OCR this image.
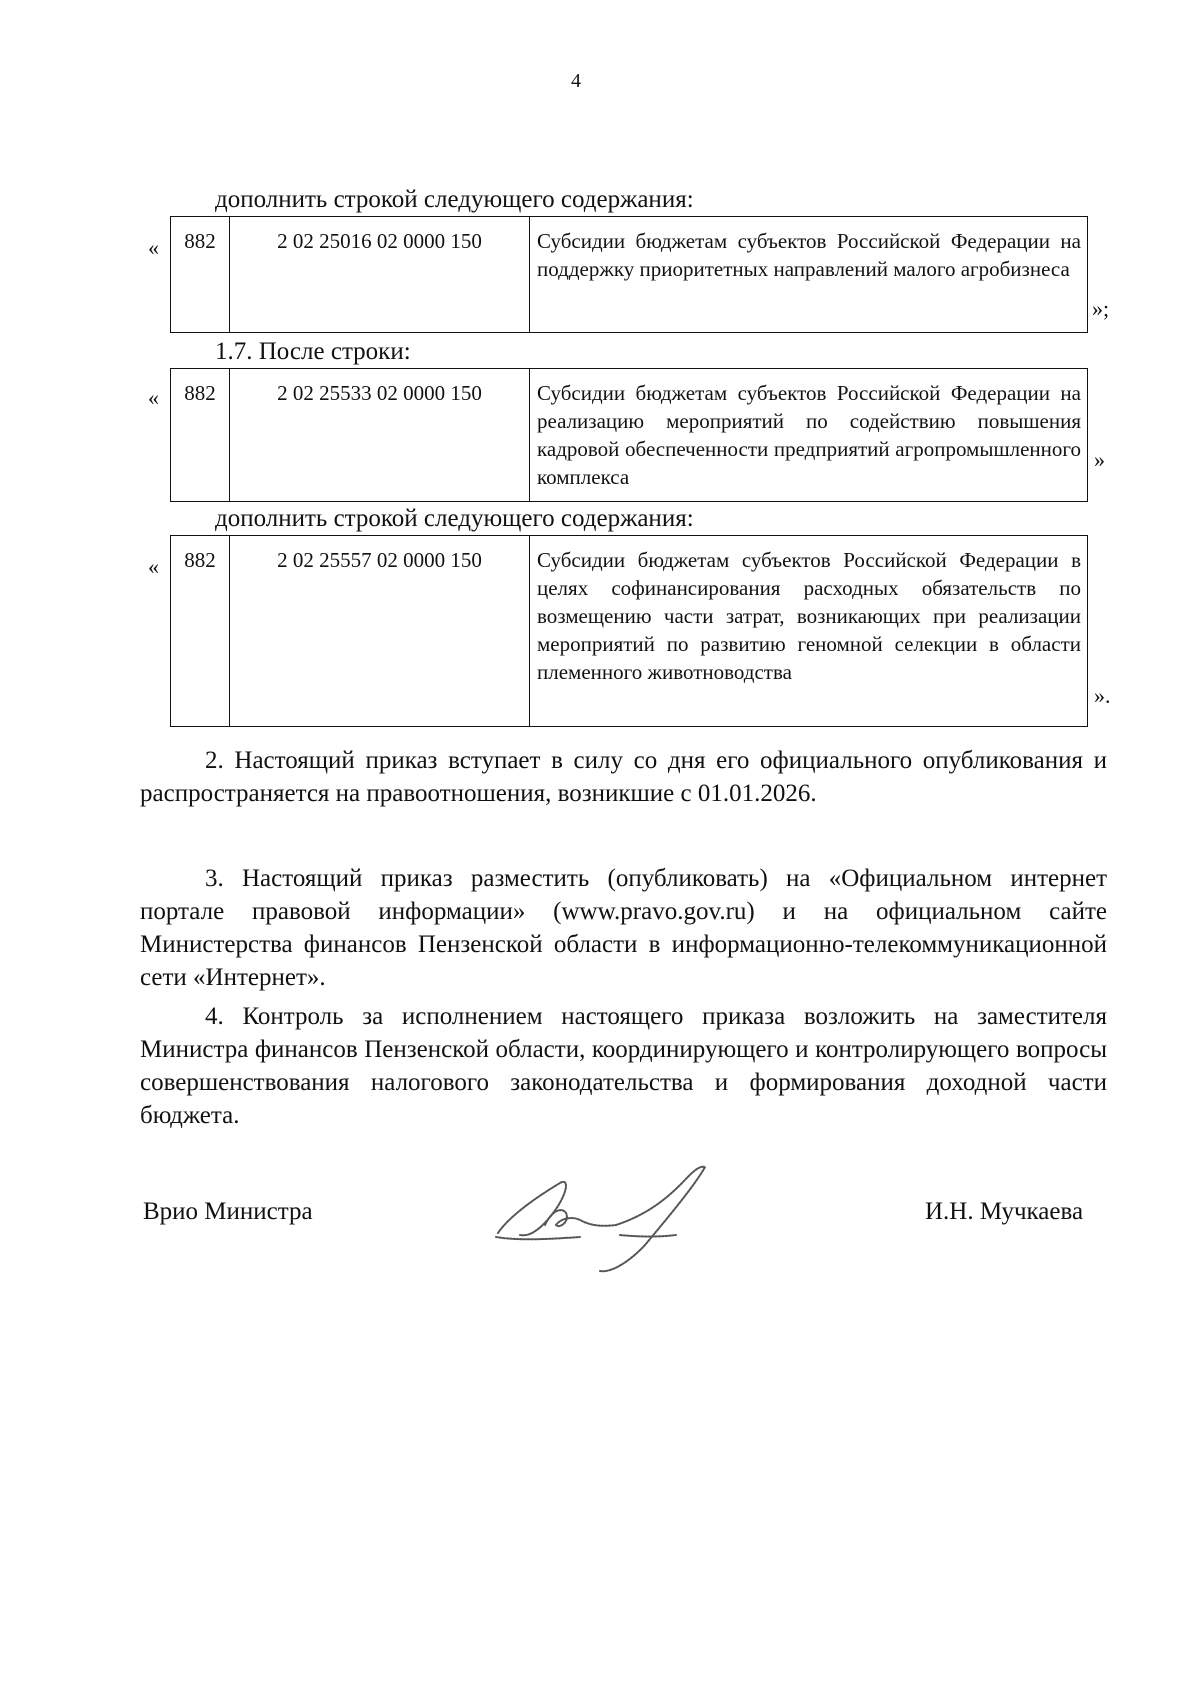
4
дополнить строкой следующего содержания:
« 882	2 02 25016 02 0000 150	Субсидии бюджетам субъектов Российской Федерации на поддержку приоритетных направлений малого агробизнеса
»;
1.7. После строки:
« 882	2 02 25533 02 0000 150	Субсидии бюджетам субъектов Российской Федерации на реализацию мероприятий по содействию повышения кадровой обеспеченности предприятий агропромышленного комплекса
»
дополнить строкой следующего содержания:
« 882	2 02 25557 02 0000 150	Субсидии бюджетам субъектов Российской Федерации в целях софинансирования расходных обязательств по возмещению части затрат, возникающих при реализации мероприятий по развитию геномной селекции в области племенного животноводства
».

2. Настоящий приказ вступает в силу со дня его официального опубликования и распространяется на правоотношения, возникшие с 01.01.2026.

3. Настоящий приказ разместить (опубликовать) на «Официальном интернет портале правовой информации» (www.pravo.gov.ru) и на официальном сайте Министерства финансов Пензенской области в информационно-телекоммуникационной сети «Интернет».

4. Контроль за исполнением настоящего приказа возложить на заместителя Министра финансов Пензенской области, координирующего и контролирующего вопросы совершенствования налогового законодательства и формирования доходной части бюджета.

Врио Министра	И.Н. Мучкаева
